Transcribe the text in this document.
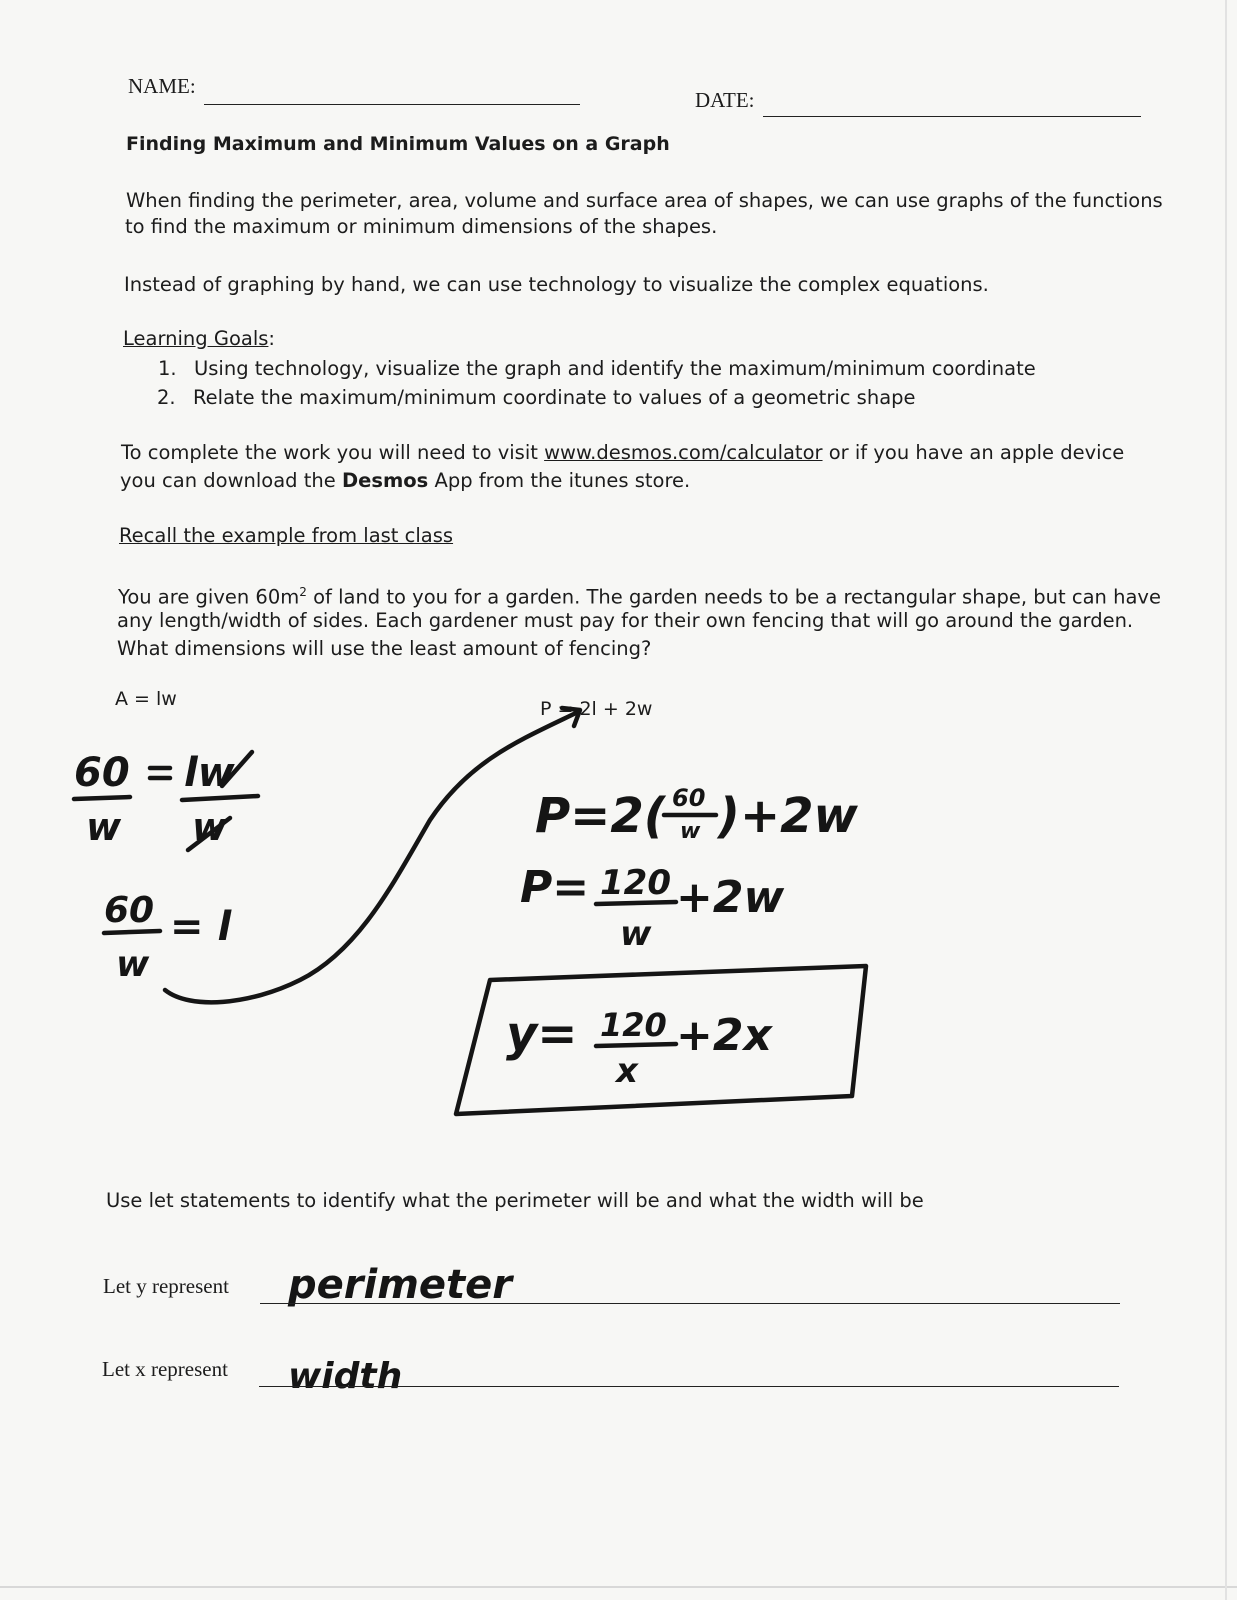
NAME:
DATE:
Finding Maximum and Minimum Values on a Graph
When finding the perimeter, area, volume and surface area of shapes, we can use graphs of the functions
to find the maximum or minimum dimensions of the shapes.
Instead of graphing by hand, we can use technology to visualize the complex equations.
Learning Goals:
1. Using technology, visualize the graph and identify the maximum/minimum coordinate
2. Relate the maximum/minimum coordinate to values of a geometric shape
To complete the work you will need to visit www.desmos.com/calculator or if you have an apple device
you can download the Desmos App from the itunes store.
Recall the example from last class
You are given $60m^2$ of land to you for a garden. The garden needs to be a rectangular shape, but can have
any length/width of sides. Each gardener must pay for their own fencing that will go around the garden.
What dimensions will use the least amount of fencing?
A = lw	P = 2l + 2w
60
w
lw
w
60
w
= l
P=2( 60
w )+2w
P= 120
w
+2w
y= 120
x
+2x
perimeter
width
Use let statements to identify what the perimeter will be and what the width will be
Let y represent
Let x represent
